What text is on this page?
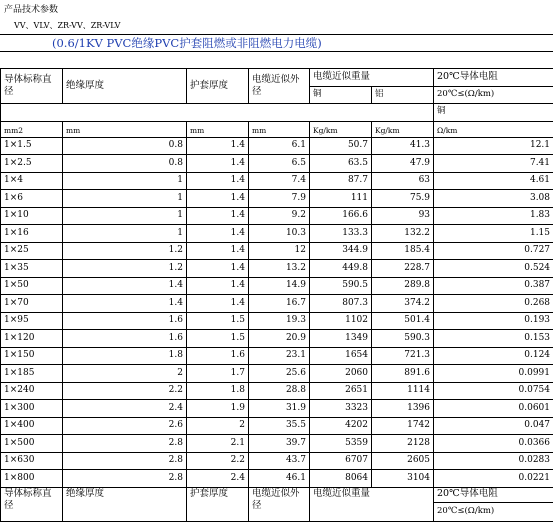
产品技术参数
VV、VLV、ZR-VV、ZR-VLV
(0.6/1KV PVC绝缘PVC护套阻燃或非阻燃电力电缆)
导体标称直径	绝缘厚度	护套厚度	电缆近似外径	电缆近似重量		20℃导体电阻
				铜	铝	20℃≤(Ω/km)
						铜
mm2	mm	mm	mm	Kg/km	Kg/km	Ω/km
1×1.5	0.8	1.4	6.1	50.7	41.3	12.1
1×2.5	0.8	1.4	6.5	63.5	47.9	7.41
1×4	1	1.4	7.4	87.7	63	4.61
1×6	1	1.4	7.9	111	75.9	3.08
1×10	1	1.4	9.2	166.6	93	1.83
1×16	1	1.4	10.3	133.3	132.2	1.15
1×25	1.2	1.4	12	344.9	185.4	0.727
1×35	1.2	1.4	13.2	449.8	228.7	0.524
1×50	1.4	1.4	14.9	590.5	289.8	0.387
1×70	1.4	1.4	16.7	807.3	374.2	0.268
1×95	1.6	1.5	19.3	1102	501.4	0.193
1×120	1.6	1.5	20.9	1349	590.3	0.153
1×150	1.8	1.6	23.1	1654	721.3	0.124
1×185	2	1.7	25.6	2060	891.6	0.0991
1×240	2.2	1.8	28.8	2651	1114	0.0754
1×300	2.4	1.9	31.9	3323	1396	0.0601
1×400	2.6	2	35.5	4202	1742	0.047
1×500	2.8	2.1	39.7	5359	2128	0.0366
1×630	2.8	2.2	43.7	6707	2605	0.0283
1×800	2.8	2.4	46.1	8064	3104	0.0221
导体标称直径	绝缘厚度	护套厚度	电缆近似外径	电缆近似重量		20℃导体电阻
20℃≤(Ω/km)
